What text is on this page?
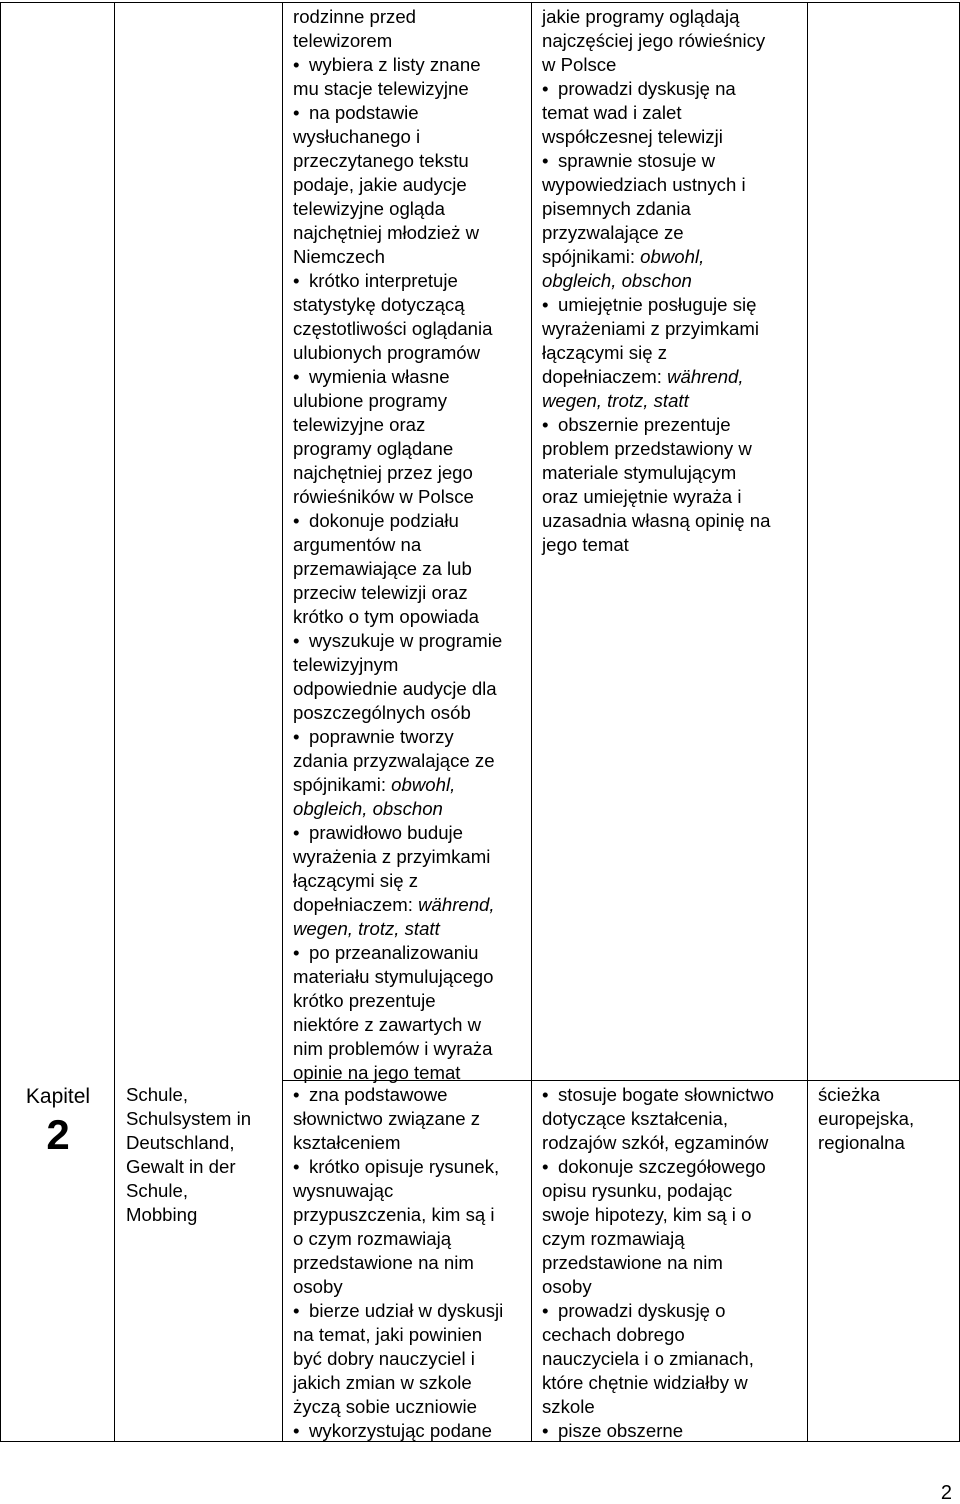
Kapitel
2
Schule,
Schulsystem in
Deutschland,
Gewalt in der
Schule,
Mobbing
rodzinne przed
telewizorem
• wybiera z listy znane
mu stacje telewizyjne
• na podstawie
wysłuchanego i
przeczytanego tekstu
podaje, jakie audycje
telewizyjne ogląda
najchętniej młodzież w
Niemczech
• krótko interpretuje
statystykę dotyczącą
częstotliwości oglądania
ulubionych programów
• wymienia własne
ulubione programy
telewizyjne oraz
programy oglądane
najchętniej przez jego
rówieśników w Polsce
• dokonuje podziału
argumentów na
przemawiające za lub
przeciw telewizji oraz
krótko o tym opowiada
• wyszukuje w programie
telewizyjnym
odpowiednie audycje dla
poszczególnych osób
• poprawnie tworzy
zdania przyzwalające ze
spójnikami: obwohl,
obgleich, obschon
• prawidłowo buduje
wyrażenia z przyimkami
łączącymi się z
dopełniaczem: während,
wegen, trotz, statt
• po przeanalizowaniu
materiału stymulującego
krótko prezentuje
niektóre z zawartych w
nim problemów i wyraża
opinie na jego temat
jakie programy oglądają
najczęściej jego rówieśnicy
w Polsce
• prowadzi dyskusję na
temat wad i zalet
współczesnej telewizji
• sprawnie stosuje w
wypowiedziach ustnych i
pisemnych zdania
przyzwalające ze
spójnikami: obwohl,
obgleich, obschon
• umiejętnie posługuje się
wyrażeniami z przyimkami
łączącymi się z
dopełniaczem: während,
wegen, trotz, statt
• obszernie prezentuje
problem przedstawiony w
materiale stymulującym
oraz umiejętnie wyraża i
uzasadnia własną opinię na
jego temat
• zna podstawowe
słownictwo związane z
kształceniem
• krótko opisuje rysunek,
wysnuwając
przypuszczenia, kim są i
o czym rozmawiają
przedstawione na nim
osoby
• bierze udział w dyskusji
na temat, jaki powinien
być dobry nauczyciel i
jakich zmian w szkole
życzą sobie uczniowie
• wykorzystując podane
• stosuje bogate słownictwo
dotyczące kształcenia,
rodzajów szkół, egzaminów
• dokonuje szczegółowego
opisu rysunku, podając
swoje hipotezy, kim są i o
czym rozmawiają
przedstawione na nim
osoby
• prowadzi dyskusję o
cechach dobrego
nauczyciela i o zmianach,
które chętnie widziałby w
szkole
• pisze obszerne
ścieżka
europejska,
regionalna
2
